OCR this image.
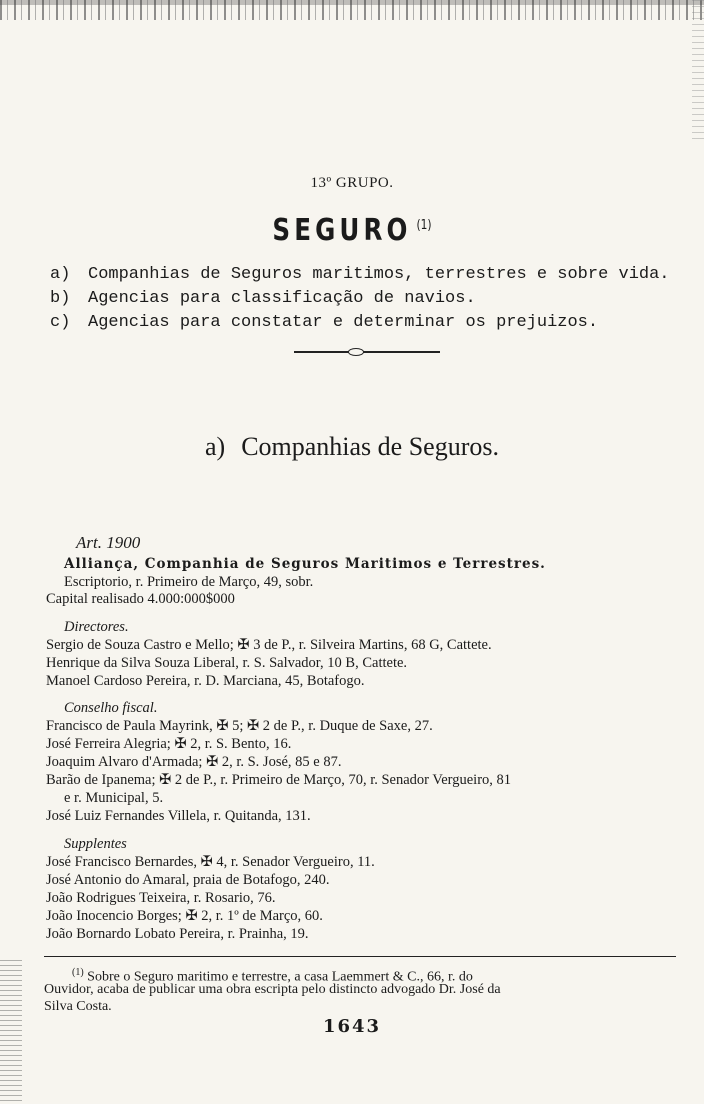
13º GRUPO.
SEGURO $^{(1)}$
a) Companhias de Seguros maritimos, terrestres e sobre vida.
b) Agencias para classificação de navios.
c) Agencias para constatar e determinar os prejuizos.
a) Companhias de Seguros.
Art. 1900
Alliança, Companhia de Seguros Maritimos e Terrestres.
Escriptorio, r. Primeiro de Março, 49, sobr.
Capital realisado 4.000:000$000
Directores.
Sergio de Souza Castro e Mello; ✠ 3 de P., r. Silveira Martins, 68 G, Cattete.
Henrique da Silva Souza Liberal, r. S. Salvador, 10 B, Cattete.
Manoel Cardoso Pereira, r. D. Marciana, 45, Botafogo.
Conselho fiscal.
Francisco de Paula Mayrink, ✠ 5; ✠ 2 de P., r. Duque de Saxe, 27.
José Ferreira Alegria; ✠ 2, r. S. Bento, 16.
Joaquim Alvaro d'Armada; ✠ 2, r. S. José, 85 e 87.
Barão de Ipanema; ✠ 2 de P., r. Primeiro de Março, 70, r. Senador Vergueiro, 81
e r. Municipal, 5.
José Luiz Fernandes Villela, r. Quitanda, 131.
Supplentes
José Francisco Bernardes, ✠ 4, r. Senador Vergueiro, 11.
José Antonio do Amaral, praia de Botafogo, 240.
João Rodrigues Teixeira, r. Rosario, 76.
João Inocencio Borges; ✠ 2, r. 1º de Março, 60.
João Bornardo Lobato Pereira, r. Prainha, 19.
$^{(1)}$ Sobre o Seguro maritimo e terrestre, a casa Laemmert & C., 66, r. do
Ouvidor, acaba de publicar uma obra escripta pelo distincto advogado Dr. José da
Silva Costa.
1643
